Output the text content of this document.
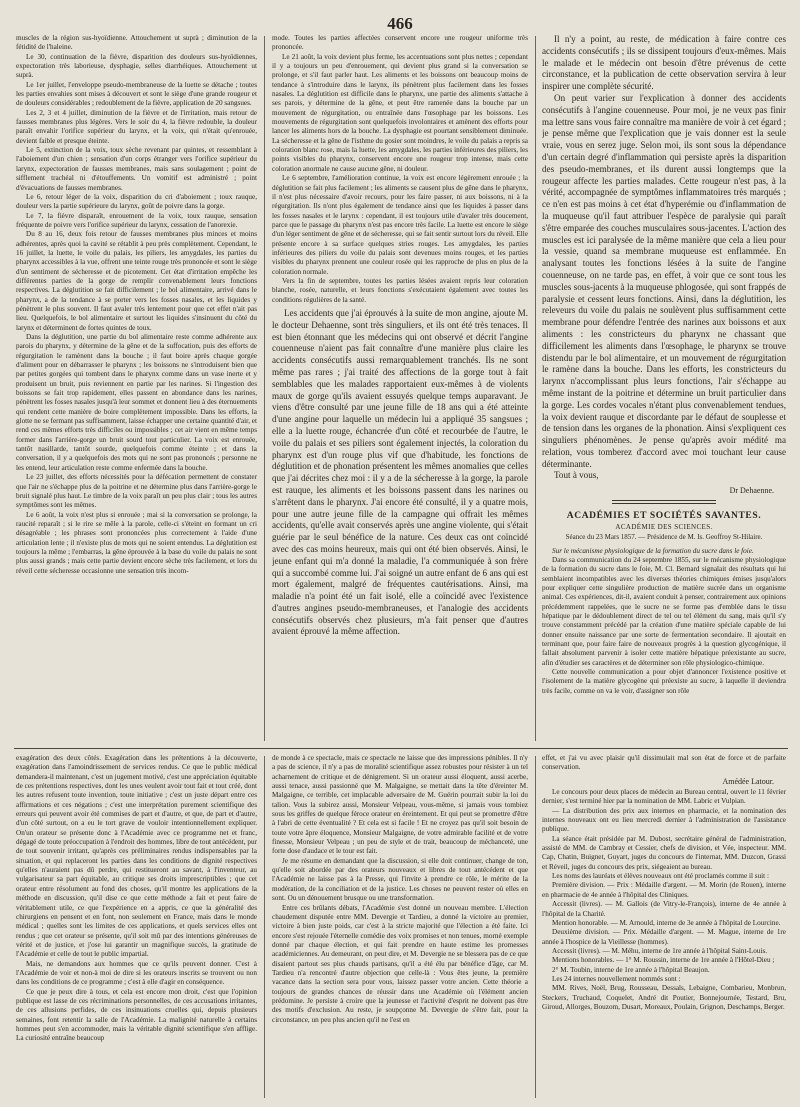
466

muscles de la région sus-hyoïdienne. Attouchement ut suprà ; diminution de la fétidité de l'haleine.

Le 30, continuation de la fièvre, disparition des douleurs sus-hyoïdiennes, expectoration très laborieuse, dysphagie, selles diarrhéiques. Attouchement ut suprà.

Le 1er juillet, l'enveloppe pseudo-membraneuse de la luette se détache ; toutes les parties envahies sont mises à découvert et sont le siège d'une grande rougeur et de douleurs considérables ; redoublement de la fièvre, application de 20 sangsues.

Les 2, 3 et 4 juillet, diminution de la fièvre et de l'irritation, mais retour de fausses membranes plus légères. Vers le soir du 4, la fièvre redouble, la douleur paraît envahir l'orifice supérieur du larynx, et la voix, qui n'était qu'enrouée, devient faible et presque éteinte.

Le 5, extinction de la voix, toux sèche revenant par quintes, et ressemblant à l'aboiement d'un chien ; sensation d'un corps étranger vers l'orifice supérieur du larynx, expectoration de fausses membranes, mais sans soulagement ; point de sifflement trachéal ni d'étouffements. Un vomitif est administré ; point d'évacuations de fausses membranes.

Le 6, retour léger de la voix, disparition du cri d'aboiement ; toux rauque, douleur vers la partie supérieure du larynx, goût de poivre dans la gorge.

Le 7, la fièvre disparaît, enrouement de la voix, toux rauque, sensation fréquente de poivre vers l'orifice supérieur du larynx, cessation de l'anorexie.

Du 8 au 16, deux fois retour de fausses membranes plus minces et moins adhérentes, après quoi la cavité se rétablit à peu près complètement. Cependant, le 16 juillet, la luette, le voile du palais, les piliers, les amygdales, les parties du pharynx accessibles à la vue, offrent une teinte rouge très prononcée et sont le siège d'un sentiment de sécheresse et de picotement. Cet état d'irritation empêche les différentes parties de la gorge de remplir convenablement leurs fonctions respectives. La déglutition se fait difficilement ; le bol alimentaire, arrivé dans le pharynx, a de la tendance à se porter vers les fosses nasales, et les liquides y pénètrent le plus souvent. Il faut avaler très lentement pour que cet effet n'ait pas lieu. Quelquefois, le bol alimentaire et surtout les liquides s'insinuent du côté du larynx et déterminent de fortes quintes de toux.

Dans la déglutition, une partie du bol alimentaire reste comme adhérente aux parois du pharynx, y détermine de la gêne et de la suffocation, puis des efforts de régurgitation le ramènent dans la bouche ; il faut boire après chaque gorgée d'aliment pour en débarrasser le pharynx ; les boissons ne s'introduisent bien que par petites gorgées qui tombent dans le pharynx comme dans un vase inerte et y produisent un bruit, puis reviennent en partie par les narines. Si l'ingestion des boissons se fait trop rapidement, elles passent en abondance dans les narines, pénètrent les fosses nasales jusqu'à leur sommet et donnent lieu à des éternuements qui rendent cette manière de boire complètement impossible. Dans les efforts, la glotte ne se fermant pas suffisamment, laisse échapper une certaine quantité d'air, et rend ces mêmes efforts très difficiles ou impossibles ; cet air vient en même temps former dans l'arrière-gorge un bruit sourd tout particulier. La voix est enrouée, tantôt nasillarde, tantôt sourde, quelquefois comme éteinte ; et dans la conversation, il y a quelquefois des mots qui ne sont pas prononcés ; personne ne les entend, leur articulation reste comme enfermée dans la bouche.

Le 23 juillet, des efforts nécessités pour la défécation permettent de constater que l'air ne s'échappe plus de la poitrine et ne détermine plus dans l'arrière-gorge le bruit signalé plus haut. Le timbre de la voix paraît un peu plus clair ; tous les autres symptômes sont les mêmes.

Le 6 août, la voix n'est plus si enrouée ; mai si la conversation se prolonge, la raucité reparaît ; si le rire se mêle à la parole, celle-ci s'éteint en formant un cri désagréable ; les phrases sont prononcées plus correctement à l'aide d'une articulation lente ; il n'existe plus de mots qui ne soient entendus. La déglutition est toujours la même ; l'embarras, la gêne éprouvée à la base du voile du palais ne sont plus aussi grands ; mais cette partie devient encore sèche très facilement, et lors du réveil cette sécheresse occasionne une sensation très incom-

mode. Toutes les parties affectées conservent encore une rougeur uniforme très prononcée.

Le 21 août, la voix devient plus ferme, les accentuations sont plus nettes ; cependant il y a toujours un peu d'enrouement, qui devient plus grand si la conversation se prolonge, et s'il faut parler haut. Les aliments et les boissons ont beaucoup moins de tendance à s'introduire dans le larynx, ils pénètrent plus facilement dans les fosses nasales. La déglutition est difficile dans le pharynx, une partie des aliments s'attache à ses parois, y détermine de la gêne, et peut être ramenée dans la bouche par un mouvement de régurgitation, ou entraînée dans l'œsophage par les boissons. Les mouvements de régurgitation sont quelquefois involontaires et amènent des efforts pour lancer les aliments hors de la bouche. La dysphagie est pourtant sensiblement diminuée. La sécheresse et la gêne de l'isthme du gosier sont moindres, le voile du palais a repris sa coloration blanc rose, mais la luette, les amygdales, les parties inférieures des piliers, les points visibles du pharynx, conservent encore une rougeur trop intense, mais cette coloration anormale ne cause aucune gêne, ni douleur.

Le 6 septembre, l'amélioration continue, la voix est encore légèrement enrouée ; la déglutition se fait plus facilement ; les aliments se causent plus de gêne dans le pharynx, il n'est plus nécessaire d'avoir recours, pour les faire passer, ni aux boissons, ni à la régurgitation. Ils n'ont plus également de tendance ainsi que les liquides à passer dans les fosses nasales et le larynx : cependant, il est toujours utile d'avaler très doucement, parce que le passage du pharynx n'est pas encore très facile. La luette est encore le siège d'un léger sentiment de gêne et de sécheresse, qui se fait sentir surtout lors du réveil. Elle présente encore à sa surface quelques stries rouges. Les amygdales, les parties inférieures des piliers du voile du palais sont devenues moins rouges, et les parties visibles du pharynx prennent une couleur rosée qui les rapproche de plus en plus de la coloration normale.

Vers la fin de septembre, toutes les parties lésées avaient repris leur coloration blanche, rosée, naturelle, et leurs fonctions s'exécutaient également avec toutes les conditions régulières de la santé.

Les accidents que j'ai éprouvés à la suite de mon angine, ajoute M. le docteur Dehaenne, sont très singuliers, et ils ont été très tenaces. Il est bien étonnant que les médecins qui ont observé et décrit l'angine couenneuse n'aient pas fait connaître d'une manière plus claire les accidents consécutifs aussi remarquablement tranchés. Ils ne sont même pas rares ; j'ai traité des affections de la gorge tout à fait semblables que les malades rapportaient eux-mêmes à de violents maux de gorge qu'ils avaient essuyés quelque temps auparavant. Je viens d'être consulté par une jeune fille de 18 ans qui a été atteinte d'une angine pour laquelle un médecin lui a appliqué 35 sangsues ; elle a la luette rouge, échancrée d'un côté et recourbée de l'autre, le voile du palais et ses piliers sont également injectés, la coloration du pharynx est d'un rouge plus vif que d'habitude, les fonctions de déglutition et de phonation présentent les mêmes anomalies que celles que j'ai décrites chez moi : il y a de la sécheresse à la gorge, la parole est rauque, les aliments et les boissons passent dans les narines ou s'arrêtent dans le pharynx. J'ai encore été consulté, il y a quatre mois, pour une autre jeune fille de la campagne qui offrait les mêmes accidents, qu'elle avait conservés après une angine violente, qui s'était guérie par le seul bénéfice de la nature. Ces deux cas ont coïncidé avec des cas moins heureux, mais qui ont été bien observés. Ainsi, le jeune enfant qui m'a donné la maladie, l'a communiquée à son frère qui a succombé comme lui. J'ai soigné un autre enfant de 6 ans qui est mort également, malgré de fréquentes cautérisations. Ainsi, ma maladie n'a point été un fait isolé, elle a coïncidé avec l'existence d'autres angines pseudo-membraneuses, et l'analogie des accidents consécutifs observés chez plusieurs, m'a fait penser que d'autres avaient éprouvé la même affection.

Il n'y a point, au reste, de médication à faire contre ces accidents consécutifs ; ils se dissipent toujours d'eux-mêmes. Mais le malade et le médecin ont besoin d'être prévenus de cette circonstance, et la publication de cette observation servira à leur inspirer une complète sécurité.

On peut varier sur l'explication à donner des accidents consécutifs à l'angine couenneuse. Pour moi, je ne veux pas finir ma lettre sans vous faire connaître ma manière de voir à cet égard ; je pense même que l'explication que je vais donner est la seule vraie, vous en serez juge. Selon moi, ils sont sous la dépendance d'un certain degré d'inflammation qui persiste après la disparition des pseudo-membranes, et ils durent aussi longtemps que la rougeur affecte les parties malades. Cette rougeur n'est pas, à la vérité, accompagnée de symptômes inflammatoires très marqués ; ce n'en est pas moins à cet état d'hyperémie ou d'inflammation de la muqueuse qu'il faut attribuer l'espèce de paralysie qui paraît s'être emparée des couches musculaires sous-jacentes. L'action des muscles est ici paralysée de la même manière que cela a lieu pour la vessie, quand sa membrane muqueuse est enflammée. En analysant toutes les fonctions lésées à la suite de l'angine couenneuse, on ne tarde pas, en effet, à voir que ce sont tous les muscles sous-jacents à la muqueuse phlogosée, qui sont frappés de paralysie et cessent leurs fonctions. Ainsi, dans la déglutition, les releveurs du voile du palais ne soulèvent plus suffisamment cette membrane pour défendre l'entrée des narines aux boissons et aux aliments : les constricteurs du pharynx ne chassant que difficilement les aliments dans l'œsophage, le pharynx se trouve distendu par le bol alimentaire, et un mouvement de régurgitation le ramène dans la bouche. Dans les efforts, les constricteurs du larynx n'accomplissant plus leurs fonctions, l'air s'échappe au même instant de la poitrine et détermine un bruit particulier dans la gorge. Les cordes vocales n'étant plus convenablement tendues, la voix devient rauque et discordante par le défaut de souplesse et de tension dans les organes de la phonation. Ainsi s'expliquent ces singuliers phénomènes. Je pense qu'après avoir médité ma relation, vous tomberez d'accord avec moi touchant leur cause déterminante.

Tout à vous,

Dr Dehaenne.

ACADÉMIES ET SOCIÉTÉS SAVANTES.

ACADÉMIE DES SCIENCES.

Séance du 23 Mars 1857. — Présidence de M. Is. Geoffroy St-Hilaire.

Sur le mécanisme physiologique de la formation du sucre dans le foie.

Dans sa communication du 24 septembre 1855, sur le mécanisme physiologique de la formation du sucre dans le foie, M. Cl. Bernard signalait des résultats qui lui semblaient incompatibles avec les diverses théories chimiques émises jusqu'alors pour expliquer cette singulière production de matière sucrée dans un organisme animal. Ces expériences, dit-il, avaient conduit à penser, contrairement aux opinions précédemment rappelées, que le sucre ne se forme pas d'emblée dans le tissu hépatique par le dédoublement direct de tel ou tel élément du sang, mais qu'il s'y trouve constamment précédé par la création d'une matière spéciale capable de lui donner ensuite naissance par une sorte de fermentation secondaire. Il ajoutait en terminant que, pour faire faire de nouveaux progrès à la question glycogénique, il fallait absolument parvenir à isoler cette matière hépatique préexistante au sucre, afin d'étudier ses caractères et de déterminer son rôle physiologico-chimique.

Cette nouvelle communication a pour objet d'annoncer l'existence positive et l'isolement de la matière glycogène qui préexiste au sucre, à laquelle il deviendra très facile, comme on va le voir, d'assigner son rôle

exagération des deux côtés. Exagération dans les prétentions à la découverte, exagération dans l'amoindrissement de services rendus. Ce que le public médical demandera-il maintenant, c'est un jugement motivé, c'est une appréciation équitable de ces prétentions respectives, dont les unes veulent avoir tout fait et tout créé, dont les autres refusent toute invention, toute initiative ; c'est un juste départ entre ces affirmations et ces négations ; c'est une interprétation purement scientifique des erreurs qui peuvent avoir été commises de part et d'autre, et que, de part et d'autre, d'un côté surtout, on a eu le tort grave de vouloir intentionnellement expliquer. On'un orateur se présente donc à l'Académie avec ce programme net et franc, dégagé de toute préoccupation à l'endroit des hommes, libre de tout antécédent, pur de tout souvenir irritant, qu'après ces préliminaires rendus indispensables par la situation, et qui replaceront les parties dans les conditions de dignité respectives qu'elles n'auraient pas dû perdre, qui restitueront au savant, à l'inventeur, au vulgarisateur sa part équitable, au critique ses droits imprescriptibles ; que cet orateur entre résolument au fond des choses, qu'il montre les applications de la méthode en discussion, qu'il dise ce que cette méthode a fait et peut faire de véritablement utile, ce que l'expérience en a appris, ce que la généralité des chirurgiens en pensent et en font, non seulement en France, mais dans le monde médical ; quelles sont les limites de ces applications, et quels services elles ont rendus ; que cet orateur se présente, qu'il soit mû par des intentions généreuses de vérité et de justice, et j'ose lui garantir un magnifique succès, la gratitude de l'Académie et celle de tout le public impartial.

Mais, ne demandons aux hommes que ce qu'ils peuvent donner. C'est à l'Académie de voir et non-à moi de dire si les orateurs inscrits se trouvent ou non dans les conditions de ce programme ; c'est à elle d'agir en conséquence.

Ce que je peux dire à tous, et cela est encore mon droit, c'est que l'opinion publique est lasse de ces récriminations personnelles, de ces accusations irritantes, de ces allusions perfides, de ces insinuations cruelles qui, depuis plusieurs semaines, font retentir la salle de l'Académie. La malignité naturelle à certains hommes peut s'en accommoder, mais la véritable dignité scientifique s'en afflige. La curiosité entraîne beaucoup

de monde à ce spectacle, mais ce spectacle ne laisse que des impressions pénibles. Il n'y a pas de science, il n'y a pas de moralité scientifique assez robustes pour résister à un tel acharnement de critique et de dénigrement. Si un orateur aussi éloquent, aussi acerbe, aussi tenace, aussi passionné que M. Malgaigne, se mettait dans la tête d'éreinter M. Malgaigne, ce terrible, cet implacable adversaire de M. Guérin pourrait subir la loi du talion. Vous la subirez aussi, Monsieur Velpeau, vous-même, si jamais vous tombiez sous les griffes de quelque féroce orateur en éreintement. Et qui peut se promettre d'être à l'abri de cette éventualité ? Et cela est si facile ! Et ne croyez pas qu'il soit besoin de toute votre âpre éloquence, Monsieur Malgaigne, de votre admirable facilité et de votre finesse, Monsieur Velpeau ; un peu de style et de trait, beaucoup de méchanceté, une forte dose d'audace et le tour est fait.

Je me résume en demandant que la discussion, si elle doit continuer, change de ton, qu'elle soit abordée par des orateurs nouveaux et libres de tout antécédent et que l'Académie ne laisse pas à la Presse, qui l'invite à prendre ce rôle, le mérite de la modération, de la conciliation et de la justice. Les choses ne peuvent rester où elles en sont. Ou un dénouement brusque ou une transformation.

Entre ces brûlants débats, l'Académie s'est donné un nouveau membre. L'élection chaudement disputée entre MM. Devergie et Tardieu, a donné la victoire au premier, victoire à bien juste poids, car c'est à la stricte majorité que l'élection a été faite. Ici encore s'est rejouée l'éternelle comédie des voix promises et non tenues, morné exemple donné par chaque élection, et qui fait prendre en haute estime les promesses académiciennes. Au demeurant, on peut dire, et M. Devergie ne se blessera pas de ce que disaient partout ses plus chauds partisans, qu'il a été élu par bénéfice d'âge, car M. Tardieu n'a rencontré d'autre objection que celle-là : Vous êtes jeune, la première vacance dans la section sera pour vous, laissez passer votre ancien. Cette théorie a toujours de grandes chances de réussir dans une Académie où l'élément ancien prédomine. Je persiste à croire que la jeunesse et l'activité d'esprit ne doivent pas être des motifs d'exclusion. Au reste, je soupçonne M. Devergie de s'être fait, pour la circonstance, un peu plus ancien qu'il ne l'est en

effet, et j'ai vu avec plaisir qu'il dissimulait mal son état de force et de parfaite conservation.

Amédée Latour.

Le concours pour deux places de médecin au Bureau central, ouvert le 11 février dernier, s'est terminé hier par la nomination de MM. Labric et Vulpian.

— La distribution des prix aux internes en pharmacie, et la nomination des internes nouveaux ont eu lieu mercredi dernier à l'administration de l'assistance publique.

La séance était présidée par M. Dubost, secrétaire général de l'administration, assisté de MM. de Cambray et Cessier, chefs de division, et Vée, inspecteur. MM. Cap, Chatin, Buignet, Guyart, juges du concours de l'internat, MM. Duzcon, Grassi et Réveil, juges du concours des prix, siégeaient au bureau.

Les noms des lauréats et élèves nouveaux ont été proclamés comme il suit :

Première division. — Prix : Médaille d'argent. — M. Morin (de Rouen), interne en pharmacie de 4e année à l'hôpital des Cliniques.

Accessit (livres). — M. Gallois (de Vitry-le-François), interne de 4e année à l'hôpital de la Charité.

Mention honorable. — M. Arnould, interne de 3e année à l'hôpital de Lourcine.

Deuxième division. — Prix. Médaille d'argent. — M. Mague, interne de 1re année à l'hospice de la Vieillesse (hommes).

Accessit (livres). — M. Méhu, interne de 1re année à l'hôpital Saint-Louis.

Mentions honorables. — 1° M. Roussin, interne de 1re année à l'Hôtel-Dieu ;

2° M. Toubin, interne de 1re année à l'hôpital Beaujon.

Les 24 internes nouvellement nommés sont :

MM. Rives, Noël, Brug, Rousseau, Dessals, Lebaigne, Combarieu, Monbrun, Steckers, Truchaud, Coquelet, André dit Poutier, Bonnejournée, Testard, Bru, Giroud, Allorges, Bouzom, Dusart, Moreaux, Poulain, Grignon, Deschamps, Berger.
